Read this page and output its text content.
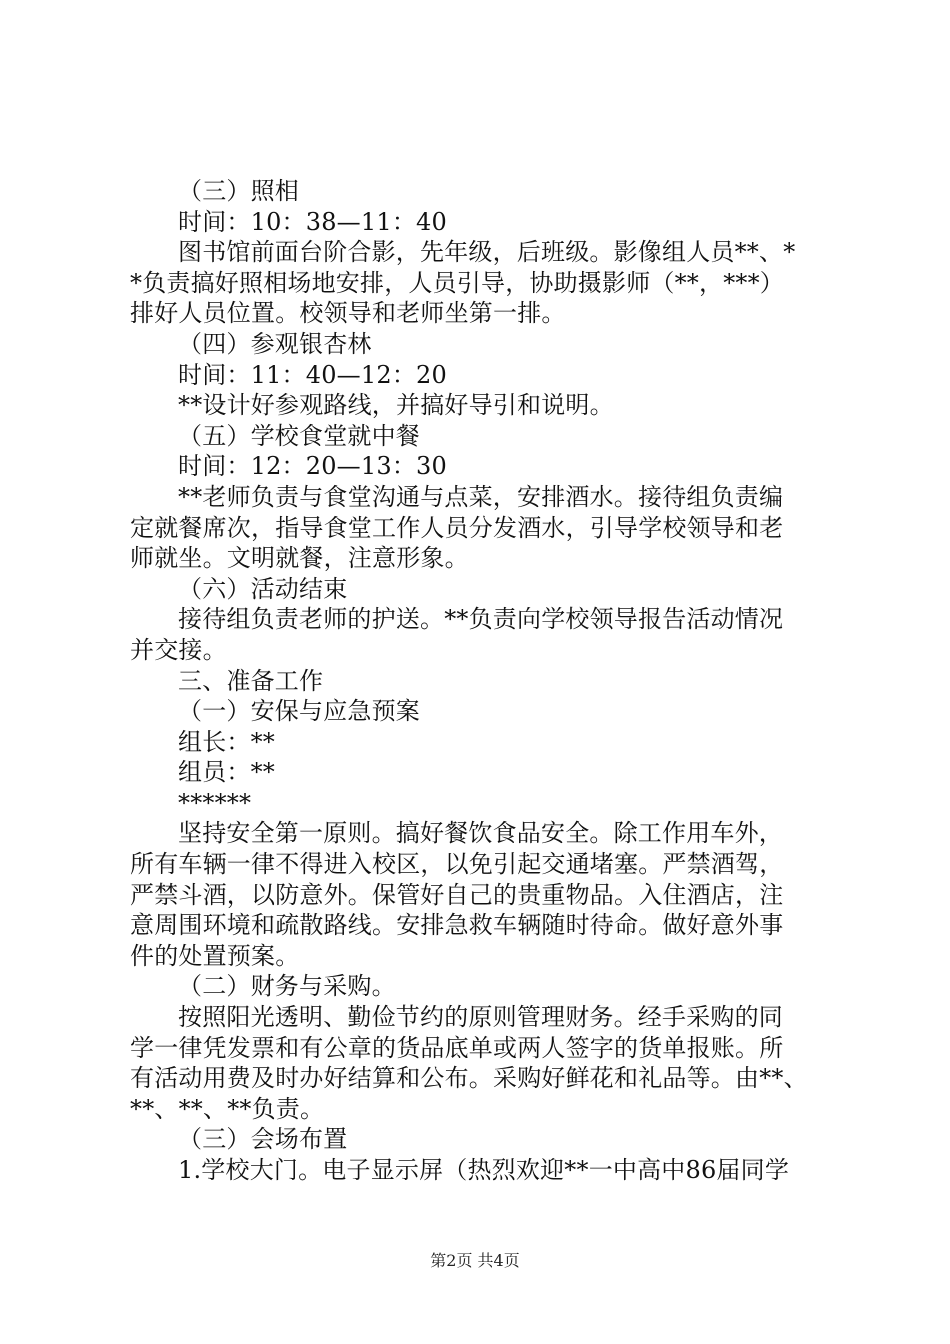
（三）照相
时间：10：38—11：40
图书馆前面台阶合影，先年级，后班级。影像组人员**、*
*负责搞好照相场地安排，人员引导，协助摄影师（**，***）
排好人员位置。校领导和老师坐第一排。
（四）参观银杏林
时间：11：40—12：20
**设计好参观路线，并搞好导引和说明。
（五）学校食堂就中餐
时间：12：20—13：30
**老师负责与食堂沟通与点菜，安排酒水。接待组负责编
定就餐席次，指导食堂工作人员分发酒水，引导学校领导和老
师就坐。文明就餐，注意形象。
（六）活动结束
接待组负责老师的护送。**负责向学校领导报告活动情况
并交接。
三、准备工作
（一）安保与应急预案
组长：**
组员：**
******
坚持安全第一原则。搞好餐饮食品安全。除工作用车外，
所有车辆一律不得进入校区，以免引起交通堵塞。严禁酒驾，
严禁斗酒，以防意外。保管好自己的贵重物品。入住酒店，注
意周围环境和疏散路线。安排急救车辆随时待命。做好意外事
件的处置预案。
（二）财务与采购。
按照阳光透明、勤俭节约的原则管理财务。经手采购的同
学一律凭发票和有公章的货品底单或两人签字的货单报账。所
有活动用费及时办好结算和公布。采购好鲜花和礼品等。由**、
**、**、**负责。
（三）会场布置
1.学校大门。电子显示屏（热烈欢迎**一中高中86届同学
第2页 共4页
